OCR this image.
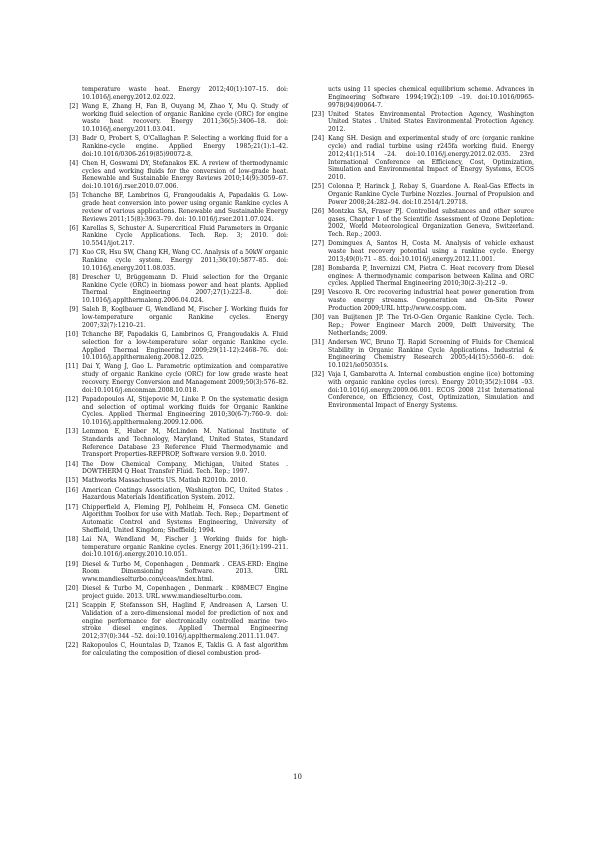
temperature waste heat. Energy 2012;40(1):107–15. doi: 10.1016/j.energy.2012.02.022.
[2] Wang E, Zhang H, Fan B, Ouyang M, Zhao Y, Mu Q. Study of working fluid selection of organic Rankine cycle (ORC) for engine waste heat recovery. Energy 2011;36(5):3406–18. doi: 10.1016/j.energy.2011.03.041.
[3] Badr O, Probert S, O'Callaghan P. Selecting a working fluid for a Rankine-cycle engine. Applied Energy 1985;21(1):1–42. doi:10.1016/0306-2619(85)90072-8.
[4] Chen H, Goswami DY, Stefanakos EK. A review of thermodynamic cycles and working fluids for the conversion of low-grade heat. Renewable and Sustainable Energy Reviews 2010;14(9):3059–67. doi:10.1016/j.rser.2010.07.006.
[5] Tchanche BF, Lambrinos G, Frangoudakis A, Papadakis G. Low-grade heat conversion into power using organic Rankine cycles A review of various applications. Renewable and Sustainable Energy Reviews 2011;15(8):3963–79. doi: 10.1016/j.rser.2011.07.024.
[6] Karellas S, Schuster A. Supercritical Fluid Parameters in Organic Rankine Cycle Applications. Tech. Rep. 3; 2010. doi: 10.5541/ijot.217.
[7] Kuo CR, Hsu SW, Chang KH, Wang CC. Analysis of a 50kW organic Rankine cycle system. Energy 2011;36(10):5877–85. doi: 10.1016/j.energy.2011.08.035.
[8] Drescher U, Brüggemann D. Fluid selection for the Organic Rankine Cycle (ORC) in biomass power and heat plants. Applied Thermal Engineering 2007;27(1):223–8. doi: 10.1016/j.applthermaleng.2006.04.024.
[9] Saleh B, Koglbauer G, Wendland M, Fischer J. Working fluids for low-temperature organic Rankine cycles. Energy 2007;32(7):1210–21.
[10] Tchanche BF, Papadakis G, Lambrinos G, Frangoudakis A. Fluid selection for a low-temperature solar organic Rankine cycle. Applied Thermal Engineering 2009;29(11-12):2468–76. doi: 10.1016/j.applthermaleng.2008.12.025.
[11] Dai Y, Wang J, Gao L. Parametric optimization and comparative study of organic Rankine cycle (ORC) for low grade waste heat recovery. Energy Conversion and Management 2009;50(3):576–82. doi:10.1016/j.enconman.2008.10.018.
[12] Papadopoulos AI, Stijepovic M, Linke P. On the systematic design and selection of optimal working fluids for Organic Rankine Cycles. Applied Thermal Engineering 2010;30(6-7):760–9. doi: 10.1016/j.applthermaleng.2009.12.006.
[13] Lemmon E, Huber M, McLinden M. National Institute of Standards and Technology, Maryland, United States, Standard Reference Database 23 Reference Fluid Thermodynamic and Transport Properties-REFPROP, Software version 9.0. 2010.
[14] The Dow Chemical Company, Michigan, United States . DOWTHERM Q Heat Transfer Fluid. Tech. Rep.; 1997.
[15] Mathworks Massachusetts US. Matlab R2010b. 2010.
[16] American Coatings Association, Washington DC, United States . Hazardous Materials Identification System. 2012.
[17] Chipperfield A, Fleming PJ, Pohlheim H, Fonseca CM. Genetic Algorithm Toolbox for use with Matlab. Tech. Rep.; Department of Automatic Control and Systems Engineering, University of Sheffield, United Kingdom; Sheffield; 1994.
[18] Lai NA, Wendland M, Fischer J. Working fluids for high-temperature organic Rankine cycles. Energy 2011;36(1):199–211. doi:10.1016/j.energy.2010.10.051.
[19] Diesel & Turbo M, Copenhagen , Denmark . CEAS-ERD: Engine Room Dimensioning Software. 2013. URL www.mandieselturbo.com/ceas/index.html.
[20] Diesel & Turbo M, Copenhagen , Denmark . K98MEC7 Engine project guide. 2013. URL www.mandieselturbo.com.
[21] Scappin F, Stefansson SH, Haglind F, Andreasen A, Larsen U. Validation of a zero-dimensional model for prediction of nox and engine performance for electronically controlled marine two-stroke diesel engines. Applied Thermal Engineering 2012;37(0):344 –52. doi:10.1016/j.applthermaleng.2011.11.047.
[22] Rakopoulos C, Hountalas D, Tzanos E, Taklis G. A fast algorithm for calculating the composition of diesel combustion prod-
ucts using 11 species chemical equilibrium scheme. Advances in Engineering Software 1994;19(2):109 –19. doi:10.1016/0965-9978(94)90064-7.
[23] United States Environmental Protection Agency, Washington United States . United States Environmental Protection Agency. 2012.
[24] Kang SH. Design and experimental study of orc (organic rankine cycle) and radial turbine using r245fa working fluid. Energy 2012;41(1):514 –24. doi:10.1016/j.energy.2012.02.035. 23rd International Conference on Efficiency, Cost, Optimization, Simulation and Environmental Impact of Energy Systems, ECOS 2010.
[25] Colonna P, Harinck J, Rebay S, Guardone A. Real-Gas Effects in Organic Rankine Cycle Turbine Nozzles. Journal of Propulsion and Power 2008;24:282–94. doi:10.2514/1.29718.
[26] Montzka SA, Fraser PJ. Controlled substances and other source gases, Chapter 1 of the Scientific Assessment of Ozone Depletion: 2002, World Meteorological Organization Geneva, Switzerland. Tech. Rep.; 2003.
[27] Domingues A, Santos H, Costa M. Analysis of vehicle exhaust waste heat recovery potential using a rankine cycle. Energy 2013;49(0):71 – 85. doi:10.1016/j.energy.2012.11.001.
[28] Bombarda P, Invernizzi CM, Pietra C. Heat recovery from Diesel engines: A thermodynamic comparison between Kalina and ORC cycles. Applied Thermal Engineering 2010;30(2-3):212 –9.
[29] Vescovo R. Orc recovering industrial heat power generation from waste energy streams. Cogeneration and On-Site Power Production 2009;URL http://www.cospp.com.
[30] van Buijtenen JP. The Tri-O-Gen Organic Rankine Cycle. Tech. Rep.; Power Engineer March 2009, Delft University, The Netherlands; 2009.
[31] Andersen WC, Bruno TJ. Rapid Screening of Fluids for Chemical Stability in Organic Rankine Cycle Applications. Industrial & Engineering Chemistry Research 2005;44(15):5560–6. doi: 10.1021/ie050351s.
[32] Vaja I, Gambarotta A. Internal combustion engine (ice) bottoming with organic rankine cycles (orcs). Energy 2010;35(2):1084 –93. doi:10.1016/j.energy.2009.06.001. ECOS 2008 21st International Conference, on Efficiency, Cost, Optimization, Simulation and Environmental Impact of Energy Systems.
10
